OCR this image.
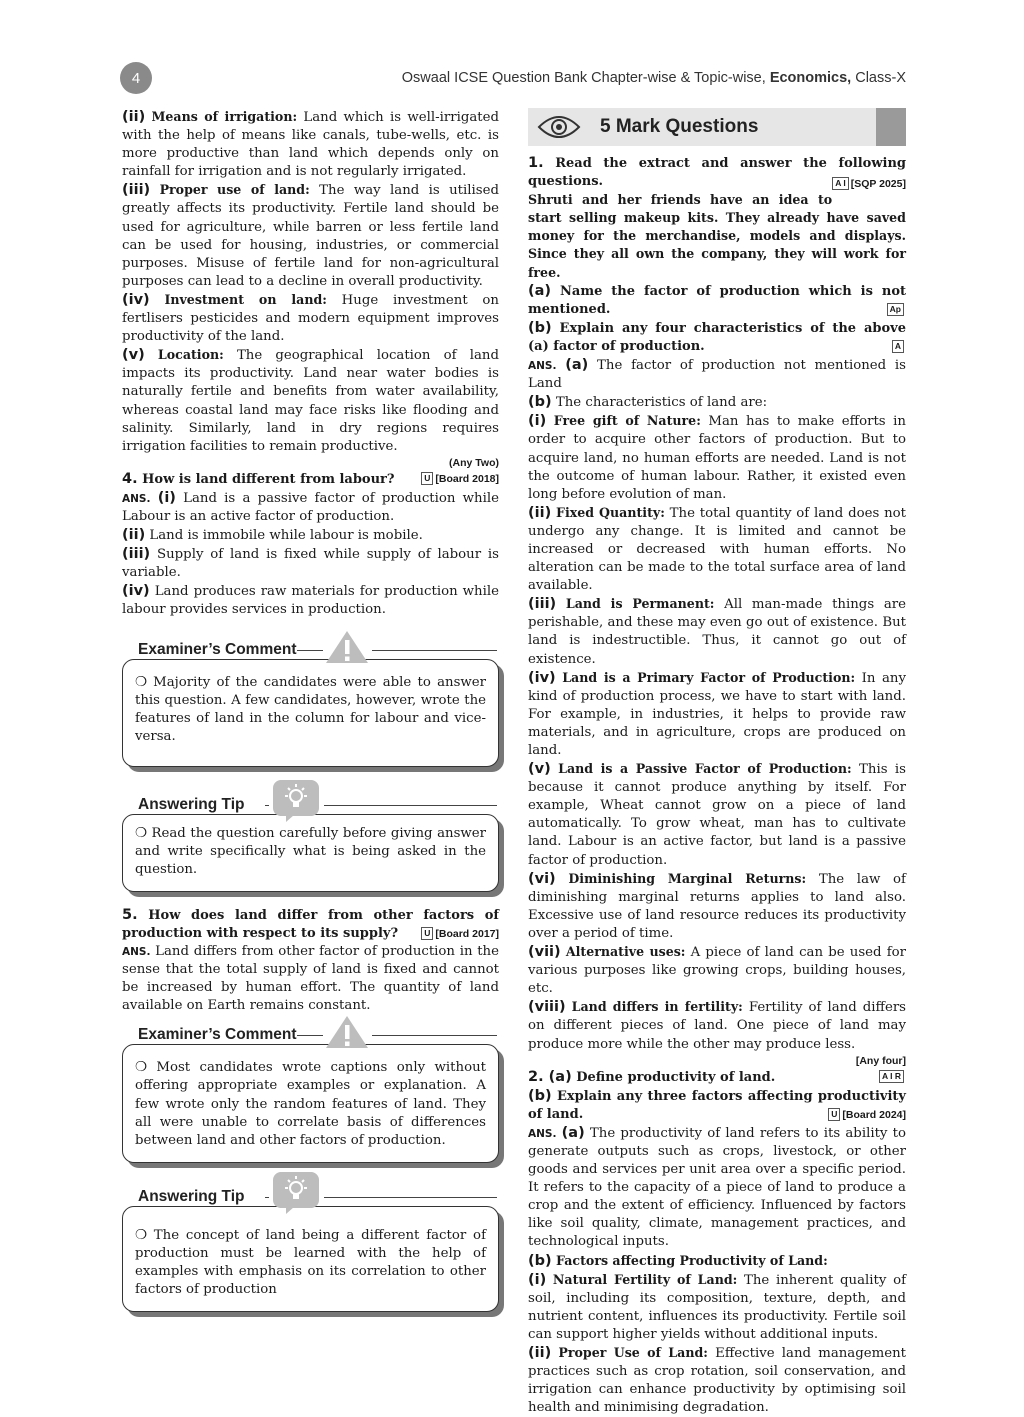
4	Oswaal ICSE Question Bank Chapter-wise & Topic-wise, Economics, Class-X

(ii) Means of irrigation: Land which is well-irrigated with the help of means like canals, tube-wells, etc. is more productive than land which depends only on rainfall for irrigation and is not regularly irrigated.

(iii) Proper use of land: The way land is utilised greatly affects its productivity. Fertile land should be used for agriculture, while barren or less fertile land can be used for housing, industries, or commercial purposes. Misuse of fertile land for non-agricultural purposes can lead to a decline in overall productivity.

(iv) Investment on land: Huge investment on fertlisers pesticides and modern equipment improves productivity of the land.

(v) Location: The geographical location of land impacts its productivity. Land near water bodies is naturally fertile and benefits from water availability, whereas coastal land may face risks like flooding and salinity. Similarly, land in dry regions requires irrigation facilities to remain productive.

(Any Two)

4. How is land different from labour?	U [Board 2018]

ANS. (i) Land is a passive factor of production while Labour is an active factor of production.

(ii) Land is immobile while labour is mobile.

(iii) Supply of land is fixed while supply of labour is variable.

(iv) Land produces raw materials for production while labour provides services in production.

Examiner’s Comment
❍ Majority of the candidates were able to answer this question. A few candidates, however, wrote the features of land in the column for labour and vice-versa.
Answering Tip
❍ Read the question carefully before giving answer and write specifically what is being asked in the question.

5. How does land differ from other factors of production with respect to its supply?	U [Board 2017]

ANS. Land differs from other factor of production in the sense that the total supply of land is fixed and cannot be increased by human effort. The quantity of land available on Earth remains constant.

Examiner’s Comment
❍ Most candidates wrote captions only without offering appropriate examples or explanation. A few wrote only the random features of land. They all were unable to correlate basis of differences between land and other factors of production.
Answering Tip
❍ The concept of land being a different factor of production must be learned with the help of examples with emphasis on its correlation to other factors of production
5 Mark Questions

1. Read the extract and answer the following questions.	A I [SQP 2025]

Shruti and her friends have an idea to start selling makeup kits. They already have saved money for the merchandise, models and displays. Since they all own the company, they will work for free.

(a) Name the factor of production which is not mentioned.	Ap

(b) Explain any four characteristics of the above (a) factor of production.	A

ANS. (a) The factor of production not mentioned is Land

(b) The characteristics of land are:

(i) Free gift of Nature: Man has to make efforts in order to acquire other factors of production. But to acquire land, no human efforts are needed. Land is not the outcome of human labour. Rather, it existed even long before evolution of man.

(ii) Fixed Quantity: The total quantity of land does not undergo any change. It is limited and cannot be increased or decreased with human efforts. No alteration can be made to the total surface area of land available.

(iii) Land is Permanent: All man-made things are perishable, and these may even go out of existence. But land is indestructible. Thus, it cannot go out of existence.

(iv) Land is a Primary Factor of Production: In any kind of production process, we have to start with land. For example, in industries, it helps to provide raw materials, and in agriculture, crops are produced on land.

(v) Land is a Passive Factor of Production: This is because it cannot produce anything by itself. For example, Wheat cannot grow on a piece of land automatically. To grow wheat, man has to cultivate land. Labour is an active factor, but land is a passive factor of production.

(vi) Diminishing Marginal Returns: The law of diminishing marginal returns applies to land also. Excessive use of land resource reduces its productivity over a period of time.

(vii) Alternative uses: A piece of land can be used for various purposes like growing crops, building houses, etc.

(viii) Land differs in fertility: Fertility of land differs on different pieces of land. One piece of land may produce more while the other may produce less.

[Any four]

2. (a) Define productivity of land.	A I R

(b) Explain any three factors affecting productivity of land.	U [Board 2024]

ANS. (a) The productivity of land refers to its ability to generate outputs such as crops, livestock, or other goods and services per unit area over a specific period. It refers to the capacity of a piece of land to produce a crop and the extent of efficiency. Influenced by factors like soil quality, climate, management practices, and technological inputs.

(b) Factors affecting Productivity of Land:

(i) Natural Fertility of Land: The inherent quality of soil, including its composition, texture, depth, and nutrient content, influences its productivity. Fertile soil can support higher yields without additional inputs.

(ii) Proper Use of Land: Effective land management practices such as crop rotation, soil conservation, and irrigation can enhance productivity by optimising soil health and minimising degradation.
